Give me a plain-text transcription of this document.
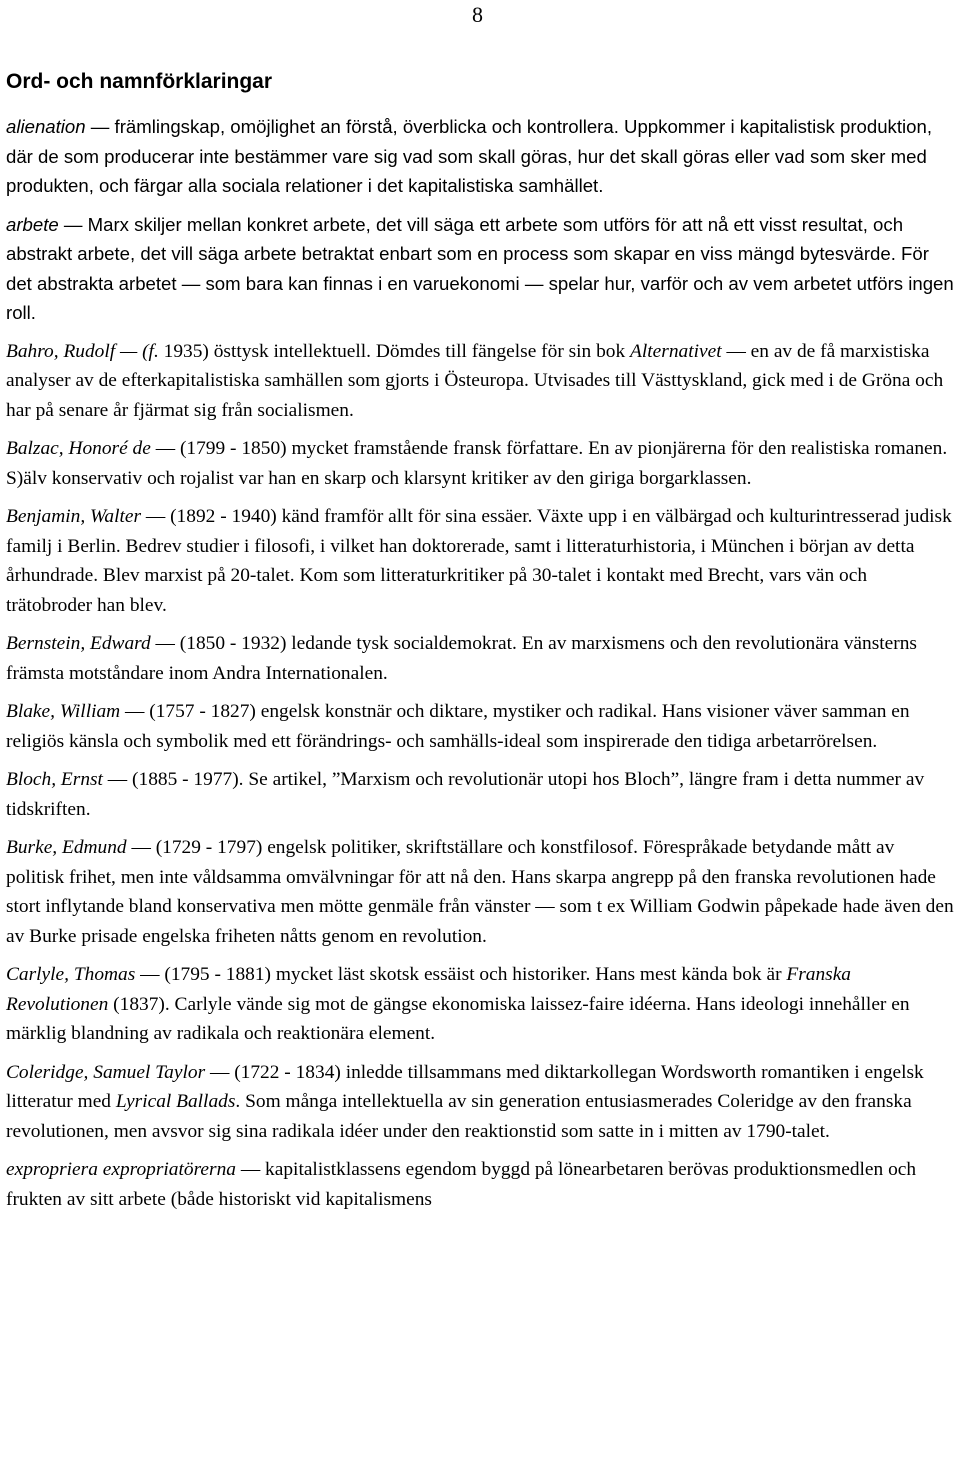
8
Ord- och namnförklaringar

alienation — främlingskap, omöjlighet an förstå, överblicka och kontrollera. Uppkommer i kapitalistisk produktion, där de som producerar inte bestämmer vare sig vad som skall göras, hur det skall göras eller vad som sker med produkten, och färgar alla sociala relationer i det kapitalistiska samhället.

arbete — Marx skiljer mellan konkret arbete, det vill säga ett arbete som utförs för att nå ett visst resultat, och abstrakt arbete, det vill säga arbete betraktat enbart som en process som skapar en viss mängd bytesvärde. För det abstrakta arbetet — som bara kan finnas i en varuekonomi — spelar hur, varför och av vem arbetet utförs ingen roll.

Bahro, Rudolf — (f. 1935) östtysk intellektuell. Dömdes till fängelse för sin bok Alternativet — en av de få marxistiska analyser av de efterkapitalistiska samhällen som gjorts i Östeuropa. Utvisades till Västtyskland, gick med i de Gröna och har på senare år fjärmat sig från socialismen.

Balzac, Honoré de — (1799 - 1850) mycket framstående fransk författare. En av pionjärerna för den realistiska romanen. S)älv konservativ och rojalist var han en skarp och klarsynt kritiker av den giriga borgarklassen.

Benjamin, Walter — (1892 - 1940) känd framför allt för sina essäer. Växte upp i en välbärgad och kulturintresserad judisk familj i Berlin. Bedrev studier i filosofi, i vilket han doktorerade, samt i litteraturhistoria, i München i början av detta århundrade. Blev marxist på 20-talet. Kom som litteraturkritiker på 30-talet i kontakt med Brecht, vars vän och trätobroder han blev.

Bernstein, Edward — (1850 - 1932) ledande tysk socialdemokrat. En av marxismens och den revolutionära vänsterns främsta motståndare inom Andra Internationalen.

Blake, William — (1757 - 1827) engelsk konstnär och diktare, mystiker och radikal. Hans visioner väver samman en religiös känsla och symbolik med ett förändrings- och samhälls-ideal som inspirerade den tidiga arbetarrörelsen.

Bloch, Ernst — (1885 - 1977). Se artikel, ”Marxism och revolutionär utopi hos Bloch”, längre fram i detta nummer av tidskriften.

Burke, Edmund — (1729 - 1797) engelsk politiker, skriftställare och konstfilosof. Förespråkade betydande mått av politisk frihet, men inte våldsamma omvälvningar för att nå den. Hans skarpa angrepp på den franska revolutionen hade stort inflytande bland konservativa men mötte genmäle från vänster — som t ex William Godwin påpekade hade även den av Burke prisade engelska friheten nåtts genom en revolution.

Carlyle, Thomas — (1795 - 1881) mycket läst skotsk essäist och historiker. Hans mest kända bok är Franska Revolutionen (1837). Carlyle vände sig mot de gängse ekonomiska laissez-faire idéerna. Hans ideologi innehåller en märklig blandning av radikala och reaktionära element.

Coleridge, Samuel Taylor — (1722 - 1834) inledde tillsammans med diktarkollegan Wordsworth romantiken i engelsk litteratur med Lyrical Ballads. Som många intellektuella av sin generation entusiasmerades Coleridge av den franska revolutionen, men avsvor sig sina radikala idéer under den reaktionstid som satte in i mitten av 1790-talet.

expropriera expropriatörerna — kapitalistklassens egendom byggd på lönearbetaren berövas produktionsmedlen och frukten av sitt arbete (både historiskt vid kapitalismens
